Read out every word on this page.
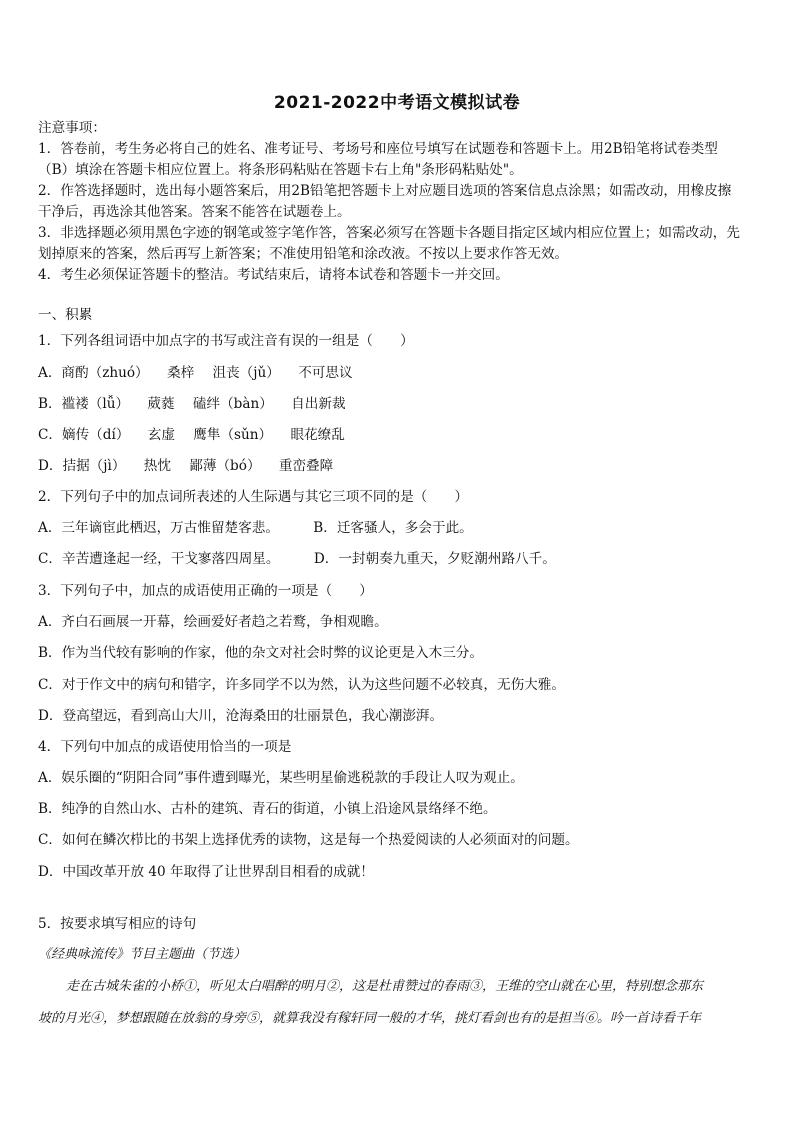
2021-2022中考语文模拟试卷
注意事项：
1．答卷前，考生务必将自己的姓名、准考证号、考场号和座位号填写在试题卷和答题卡上。用2B铅笔将试卷类型
（B）填涂在答题卡相应位置上。将条形码粘贴在答题卡右上角"条形码粘贴处"。
2．作答选择题时，选出每小题答案后，用2B铅笔把答题卡上对应题目选项的答案信息点涂黑；如需改动，用橡皮擦
干净后，再选涂其他答案。答案不能答在试题卷上。
3．非选择题必须用黑色字迹的钢笔或签字笔作答，答案必须写在答题卡各题目指定区域内相应位置上；如需改动，先
划掉原来的答案，然后再写上新答案；不准使用铅笔和涂改液。不按以上要求作答无效。
4．考生必须保证答题卡的整洁。考试结束后，请将本试卷和答题卡一并交回。
一、积累
1．下列各组词语中加点字的书写或注音有误的一组是（　　）
A．商酌（zhuó） 桑梓 沮丧（jǔ） 不可思议
B．褴褛（lǚ） 葳蕤 磕绊（bàn） 自出新裁
C．嫡传（dí） 玄虚 鹰隼（sǔn） 眼花缭乱
D．拮据（jì） 热忱 鄙薄（bó） 重峦叠障
2．下列句子中的加点词所表述的人生际遇与其它三项不同的是（　　）
A．三年谪宦此栖迟，万古惟留楚客悲。	B．迁客骚人，多会于此。
C．辛苦遭逢起一经，干戈寥落四周星。	D．一封朝奏九重天，夕贬潮州路八千。
3．下列句子中，加点的成语使用正确的一项是（　　）
A．齐白石画展一开幕，绘画爱好者趋之若鹜，争相观瞻。
B．作为当代较有影响的作家，他的杂文对社会时弊的议论更是入木三分。
C．对于作文中的病句和错字，许多同学不以为然，认为这些问题不必较真，无伤大雅。
D．登高望远，看到高山大川，沧海桑田的壮丽景色，我心潮澎湃。
4．下列句中加点的成语使用恰当的一项是
A．娱乐圈的“阴阳合同”事件遭到曝光，某些明星偷逃税款的手段让人叹为观止。
B．纯净的自然山水、古朴的建筑、青石的街道，小镇上沿途风景络绎不绝。
C．如何在鳞次栉比的书架上选择优秀的读物，这是每一个热爱阅读的人必须面对的问题。
D．中国改革开放 40 年取得了让世界刮目相看的成就！
5．按要求填写相应的诗句
《经典咏流传》节目主题曲（节选）
走在古城朱雀的小桥①，听见太白唱醉的明月②，这是杜甫赞过的春雨③，王维的空山就在心里，特别想念那东
坡的月光④，梦想跟随在放翁的身旁⑤，就算我没有稼轩同一般的才华，挑灯看剑也有的是担当⑥。吟一首诗看千年
